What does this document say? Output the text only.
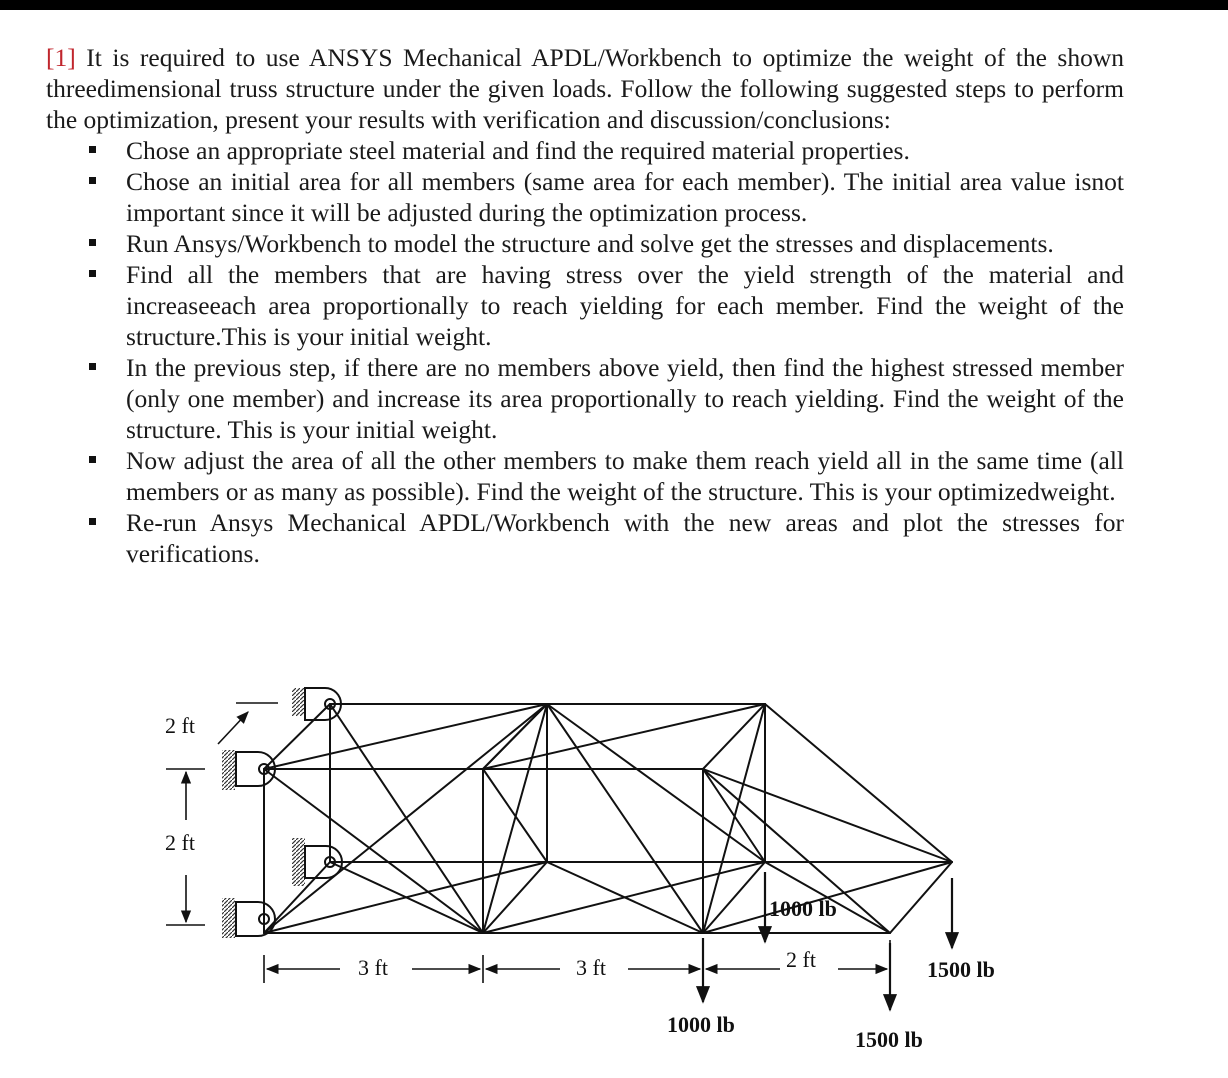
[1] It is required to use ANSYS Mechanical APDL/Workbench to optimize the weight of the shown threedimensional truss structure under the given loads. Follow the following suggested steps to perform the optimization, present your results with verification and discussion/conclusions:

Chose an appropriate steel material and find the required material properties.
Chose an initial area for all members (same area for each member). The initial area value isnot important since it will be adjusted during the optimization process.
Run Ansys/Workbench to model the structure and solve get the stresses and displacements.
Find all the members that are having stress over the yield strength of the material and increaseeach area proportionally to reach yielding for each member. Find the weight of the structure.This is your initial weight.
In the previous step, if there are no members above yield, then find the highest stressed member (only one member) and increase its area proportionally to reach yielding. Find the weight of the structure. This is your initial weight.
Now adjust the area of all the other members to make them reach yield all in the same time (all members or as many as possible). Find the weight of the structure. This is your optimizedweight.
Re-run Ansys Mechanical APDL/Workbench with the new areas and plot the stresses for verifications.
2 ft
2 ft
3 ft	3 ft	2 ft
1000 lb
1000 lb
1500 lb
1500 lb
